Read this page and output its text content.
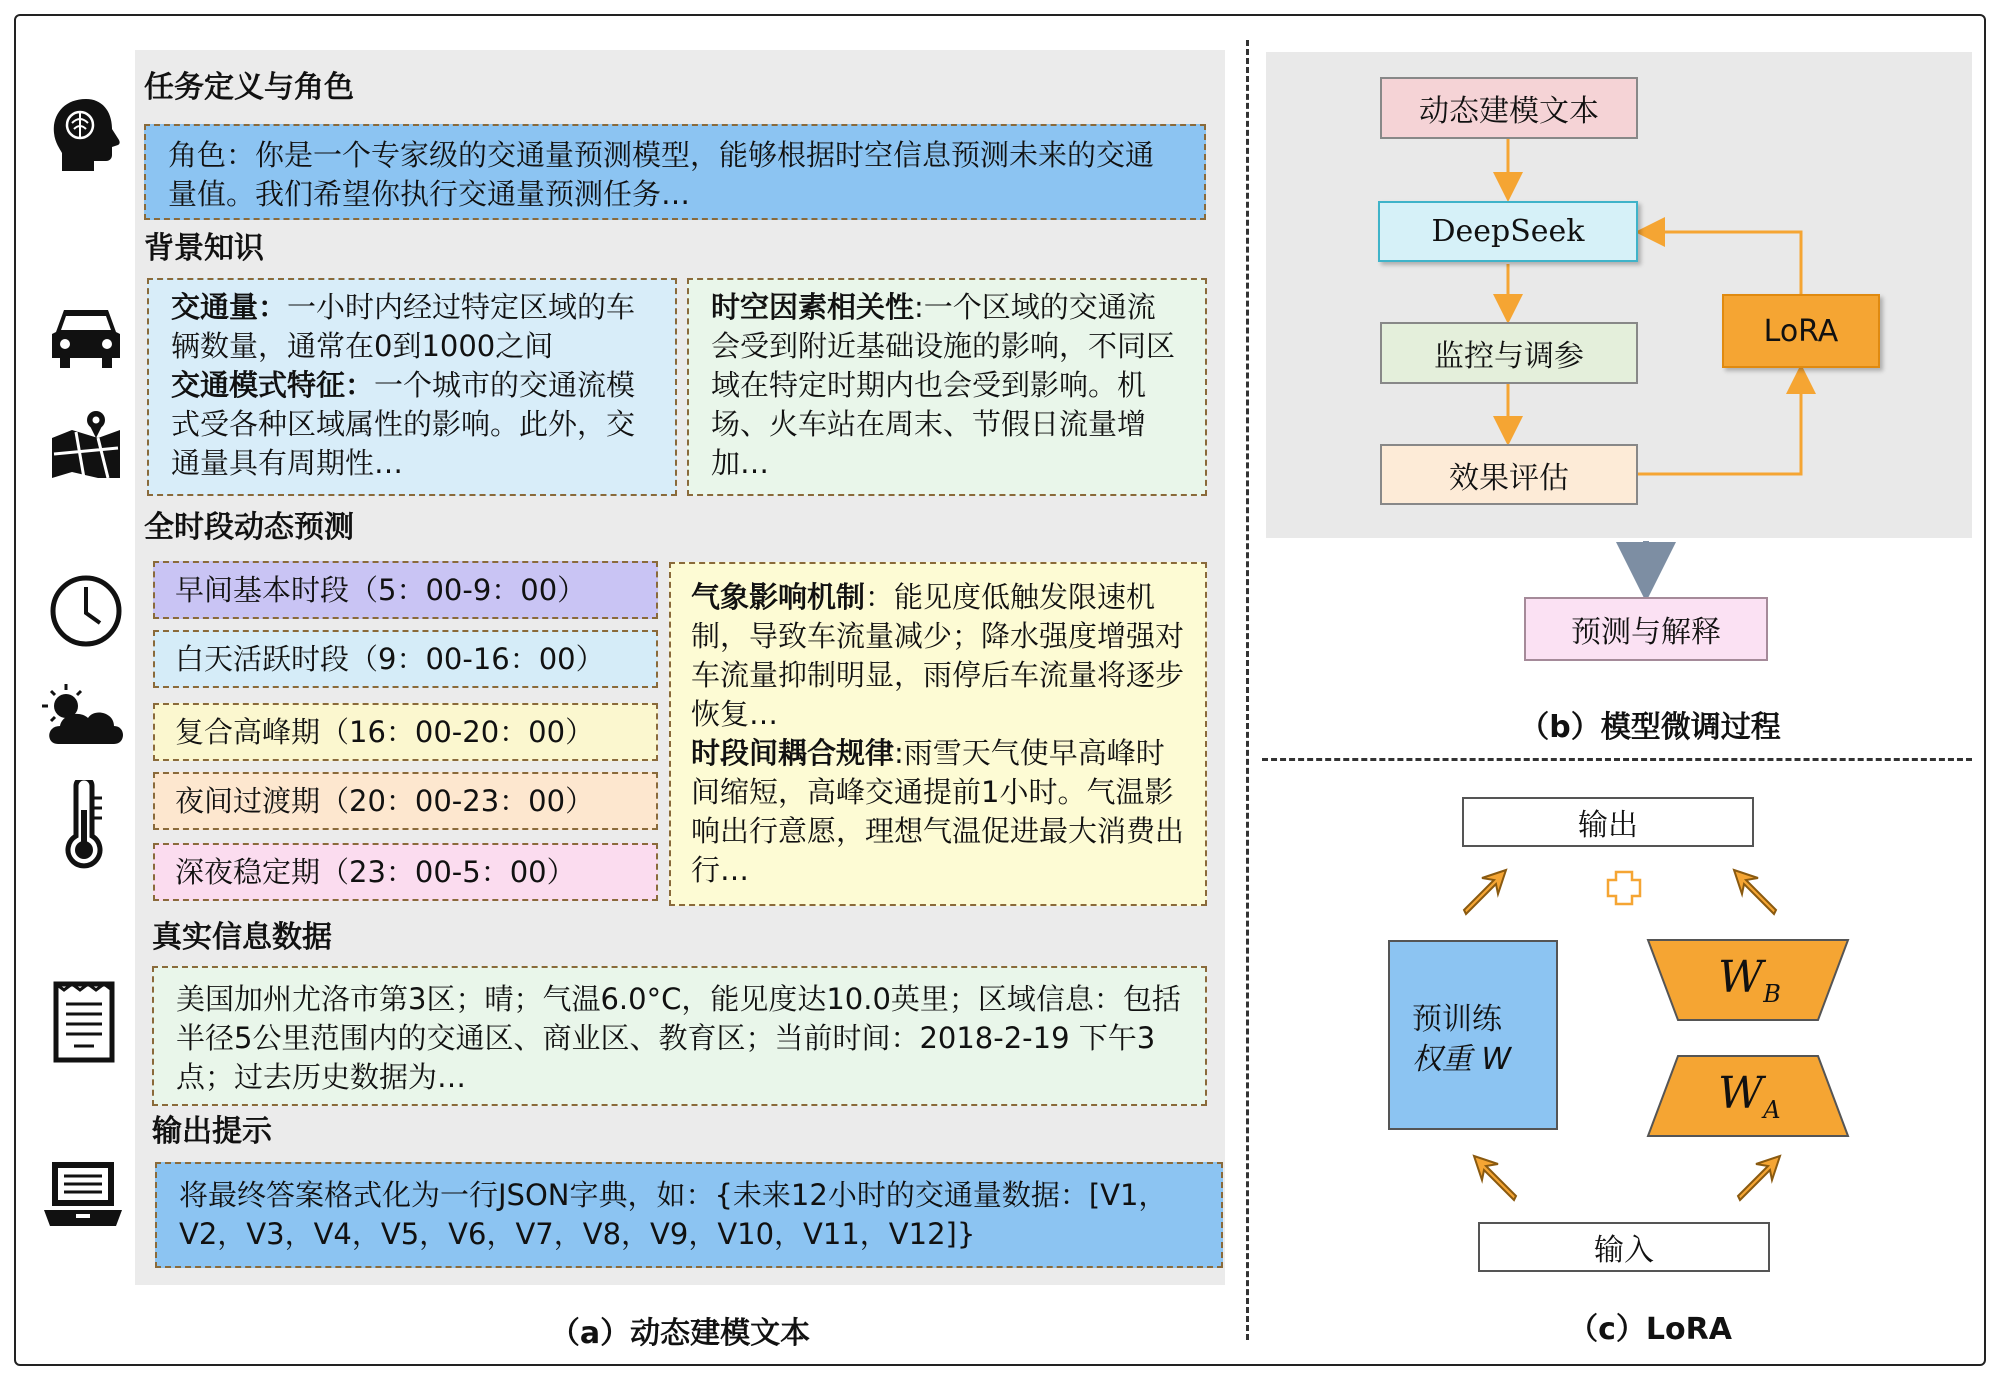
任务定义与角色
角色：你是一个专家级的交通量预测模型，能够根据时空信息预测未来的交通量值。我们希望你执行交通量预测任务…
背景知识
交通量：一小时内经过特定区域的车辆数量，通常在0到1000之间
交通模式特征：一个城市的交通流模式受各种区域属性的影响。此外，交通量具有周期性…
时空因素相关性:一个区域的交通流会受到附近基础设施的影响，不同区域在特定时期内也会受到影响。机场、火车站在周末、节假日流量增加…
全时段动态预测
早间基本时段（5：00-9：00）
白天活跃时段（9：00-16：00）
复合高峰期（16：00-20：00）
夜间过渡期（20：00-23：00）
深夜稳定期（23：00-5：00）
气象影响机制：能见度低触发限速机制，导致车流量减少；降水强度增强对车流量抑制明显，雨停后车流量将逐步恢复…
时段间耦合规律:雨雪天气使早高峰时间缩短，高峰交通提前1小时。气温影响出行意愿，理想气温促进最大消费出行…
真实信息数据
美国加州尤洛市第3区；晴；气温6.0°C，能见度达10.0英里；区域信息：包括半径5公里范围内的交通区、商业区、教育区；当前时间：2018-2-19 下午3点；过去历史数据为…
输出提示
将最终答案格式化为一行JSON字典，如：{未来12小时的交通量数据：[V1，V2，V3，V4，V5，V6，V7，V8，V9，V10，V11，V12]}
（a）动态建模文本
动态建模文本
DeepSeek
监控与调参
效果评估
LoRA
预测与解释
（b）模型微调过程
输出
输入
预训练
权重 W
$W_B$
$W_A$
（c）LoRA
